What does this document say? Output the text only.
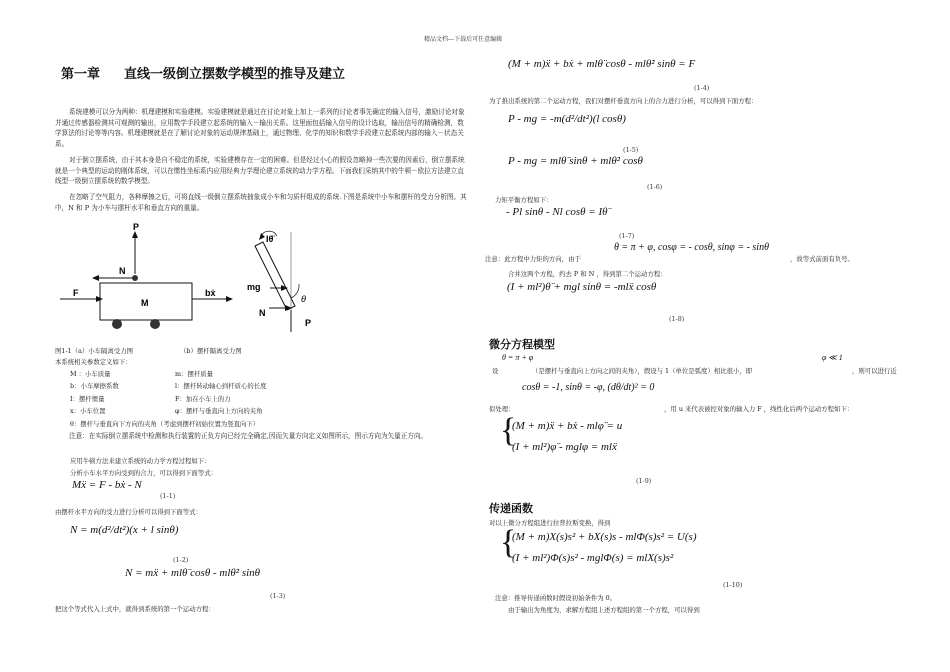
精品文档---下载后可任意编辑
第一章 直线一级倒立摆数学模型的推导及建立
系统建模可以分为两种：机理建模和实验建模。实验建模就是通过在讨论对象上加上一系列的讨论者事先确定的输入信号，激励讨论对象并通过传感器检测其可观测的输出，应用数学手段建立起系统的输入－输出关系。这里面包括输入信号的设计选取，输出信号的精确检测，数学算法的讨论等等内容。机理建模就是在了解讨论对象的运动规律基础上，通过物理、化学的知识和数学手段建立起系统内部的输入－状态关系。
对于倒立摆系统，由于其本身是自不稳定的系统，实验建模存在一定的困难。但是经过小心的假设忽略掉一些次要的因素后，倒立摆系统就是一个典型的运动的刚体系统，可以在惯性坐标系内应用经典力学理论建立系统的动力学方程。下面我们采纳其中的牛顿－欧拉方法建立直线型一级倒立摆系统的数学模型。
在忽略了空气阻力，各种摩擦之后，可将直线一级倒立摆系统抽象成小车和匀质杆组成的系统.下图是系统中小车和摆杆的受力分析图。其中，N 和 P 为小车与摆杆水平和垂直方向的重量。
P
N
M
F	bẋ
Iθ̈
mg
N
θ
P
图1-1（a）小车隔离受力图	（b）摆杆隔离受力图
本系统相关参数定义如下：
M ：小车质量	m：摆杆质量
b：小车摩擦系数	l：摆杆转动轴心到杆质心的长度
I：摆杆惯量	F：加在小车上的力
x：小车位置	φ：摆杆与垂直向上方向的夹角
θ：摆杆与垂直向下方向的夹角（考虑到摆杆初始位置为竖直向下）
注意：在实际倒立摆系统中检测和执行装置的正负方向已经完全确定,因而矢量方向定义如图所示，图示方向为矢量正方向。
应用牛顿方法来建立系统的动力学方程过程如下：
分析小车水平方向受到的合力，可以得到下面等式：
Mẍ = F - bẋ - N
(1-1)
由摆杆水平方向的受力进行分析可以得到下面等式：
N = m(d²/dt²)(x + l sinθ)
(1-2)
N = mẍ + mlθ̈ cosθ - mlθ̇² sinθ
(1-3)
把这个等式代入上式中，就得到系统的第一个运动方程：
(M + m)ẍ + bẋ + mlθ̈ cosθ - mlθ̇² sinθ = F
(1-4)
为了推出系统的第二个运动方程，我们对摆杆垂直方向上的合力进行分析，可以得到下面方程：
P - mg = -m(d²/dt²)(l cosθ)
(1-5)
P - mg = mlθ̈ sinθ + mlθ̇² cosθ
(1-6)
力矩平衡方程如下：
- Pl sinθ - Nl cosθ = Iθ̈
(1-7)
注意：此方程中力矩的方向，由于
θ = π + φ, cosφ = - cosθ, sinφ = - sinθ
，故等式前面有负号。
合并这两个方程，约去 P 和 N ，得到第二个运动方程：
(I + ml²)θ̈ + mgl sinθ = -mlẍ cosθ
(1-8)
微分方程模型
θ = π + φ	φ ≪ 1
设	（是摆杆与垂直向上方向之间的夹角），假设与 1（单位是弧度）相比很小，即	，则可以进行近
cosθ = -1, sinθ = -φ, (dθ/dt)² = 0
似处理：	，用 u 来代表被控对象的输入力 F ，线性化后两个运动方程如下：
{
(M + m)ẍ + bẋ - mlφ̈ = u
(I + ml²)φ̈ - mglφ = mlẍ
(1-9)
传递函数
对以上微分方程组进行拉普拉斯变换，得到
{
(M + m)X(s)s² + bX(s)s - mlΦ(s)s² = U(s)
(I + ml²)Φ(s)s² - mglΦ(s) = mlX(s)s²
(1-10)
注意：推导传递函数时假设初始条件为 0。
由于输出为角度为，求解方程组上述方程组的第一个方程，可以得到
